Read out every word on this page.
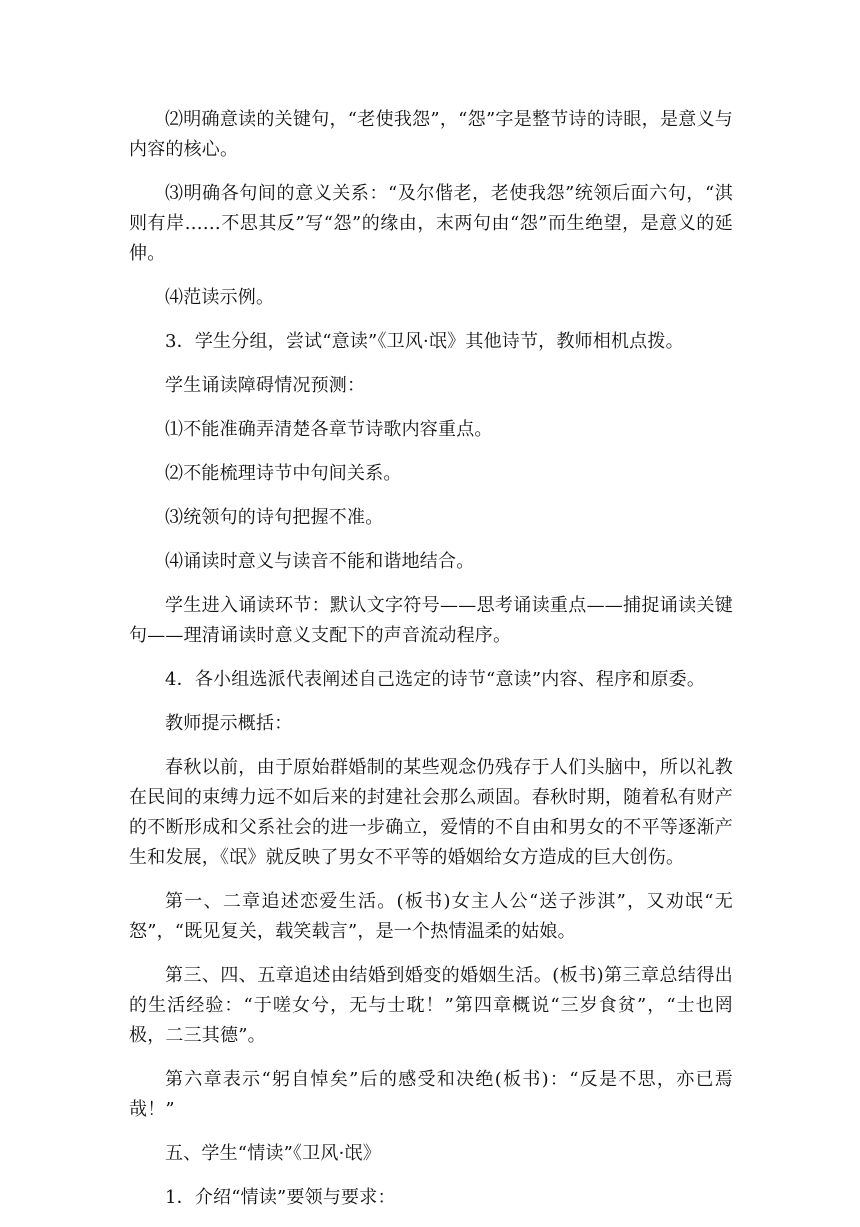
⑵明确意读的关键句，“老使我怨”，“怨”字是整节诗的诗眼，是意义与内容的核心。

⑶明确各句间的意义关系：“及尔偕老，老使我怨”统领后面六句，“淇则有岸……不思其反”写“怨”的缘由，末两句由“怨”而生绝望，是意义的延伸。

⑷范读示例。

3．学生分组，尝试“意读”《卫风·氓》其他诗节，教师相机点拨。

学生诵读障碍情况预测：

⑴不能准确弄清楚各章节诗歌内容重点。

⑵不能梳理诗节中句间关系。

⑶统领句的诗句把握不准。

⑷诵读时意义与读音不能和谐地结合。

学生进入诵读环节：默认文字符号——思考诵读重点——捕捉诵读关键句——理清诵读时意义支配下的声音流动程序。

4．各小组选派代表阐述自己选定的诗节“意读”内容、程序和原委。

教师提示概括：

春秋以前，由于原始群婚制的某些观念仍残存于人们头脑中，所以礼教在民间的束缚力远不如后来的封建社会那么顽固。春秋时期，随着私有财产的不断形成和父系社会的进一步确立，爱情的不自由和男女的不平等逐渐产生和发展，《氓》就反映了男女不平等的婚姻给女方造成的巨大创伤。

第一、二章追述恋爱生活。(板书)女主人公“送子涉淇”，又劝氓“无怒”，“既见复关，载笑载言”，是一个热情温柔的姑娘。

第三、四、五章追述由结婚到婚变的婚姻生活。(板书)第三章总结得出的生活经验：“于嗟女兮，无与士耽！”第四章概说“三岁食贫”，“士也罔极，二三其德”。

第六章表示“躬自悼矣”后的感受和决绝(板书)：“反是不思，亦已焉哉！”

五、学生“情读”《卫风·氓》

1．介绍“情读”要领与要求：
